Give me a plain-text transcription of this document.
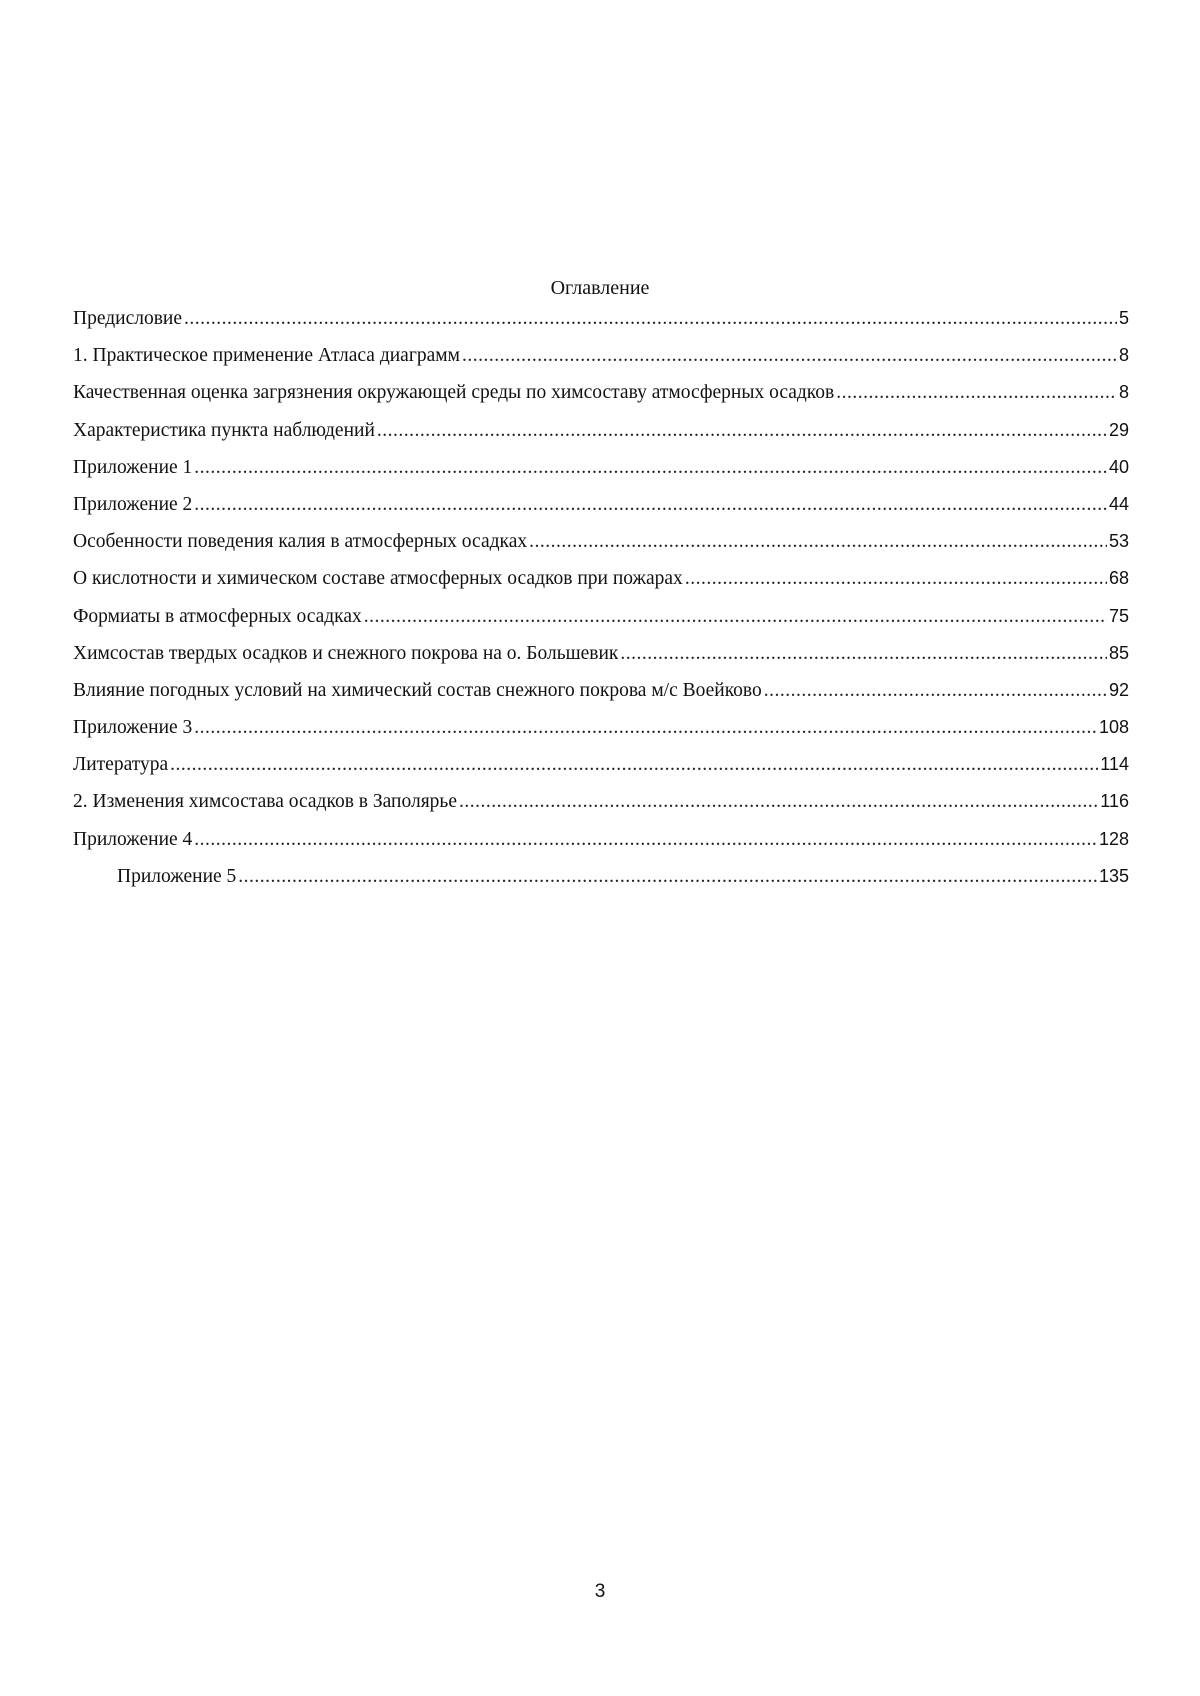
Оглавление
Предисловие .....	5
1. Практическое применение Атласа диаграмм .....	8
Качественная оценка загрязнения окружающей среды по химсоставу атмосферных осадков .....	8
Характеристика пункта наблюдений .....	29
Приложение 1 .....	40
Приложение 2 .....	44
Особенности поведения калия в атмосферных осадках .....	53
О кислотности и химическом составе атмосферных осадков при пожарах .....	68
Формиаты в атмосферных осадках .....	75
Химсостав твердых осадков и снежного покрова на о. Большевик .....	85
Влияние погодных условий на химический состав снежного покрова м/с Воейково .....	92
Приложение 3 .....	108
Литература .....	114
2. Изменения химсостава осадков в Заполярье .....	116
Приложение 4 .....	128
Приложение 5 .....	135
3
